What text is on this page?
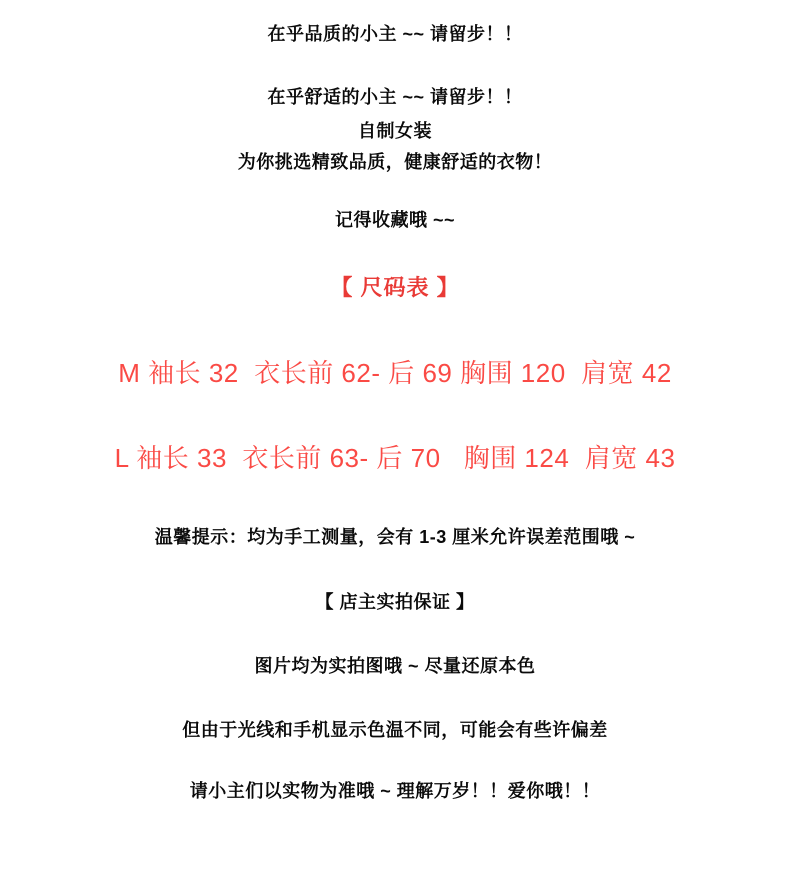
在乎品质的小主 ~~ 请留步！！
在乎舒适的小主 ~~ 请留步！！
自制女装
为你挑选精致品质，健康舒适的衣物！
记得收藏哦 ~~
【 尺码表 】
M 袖长 32  衣长前 62- 后 69 胸围 120  肩宽 42
L 袖长 33  衣长前 63- 后 70   胸围 124  肩宽 43
温馨提示：均为手工测量，会有 1-3 厘米允许误差范围哦 ~
【 店主实拍保证 】
图片均为实拍图哦 ~ 尽量还原本色
但由于光线和手机显示色温不同，可能会有些许偏差
请小主们以实物为准哦 ~ 理解万岁！！爱你哦！！
